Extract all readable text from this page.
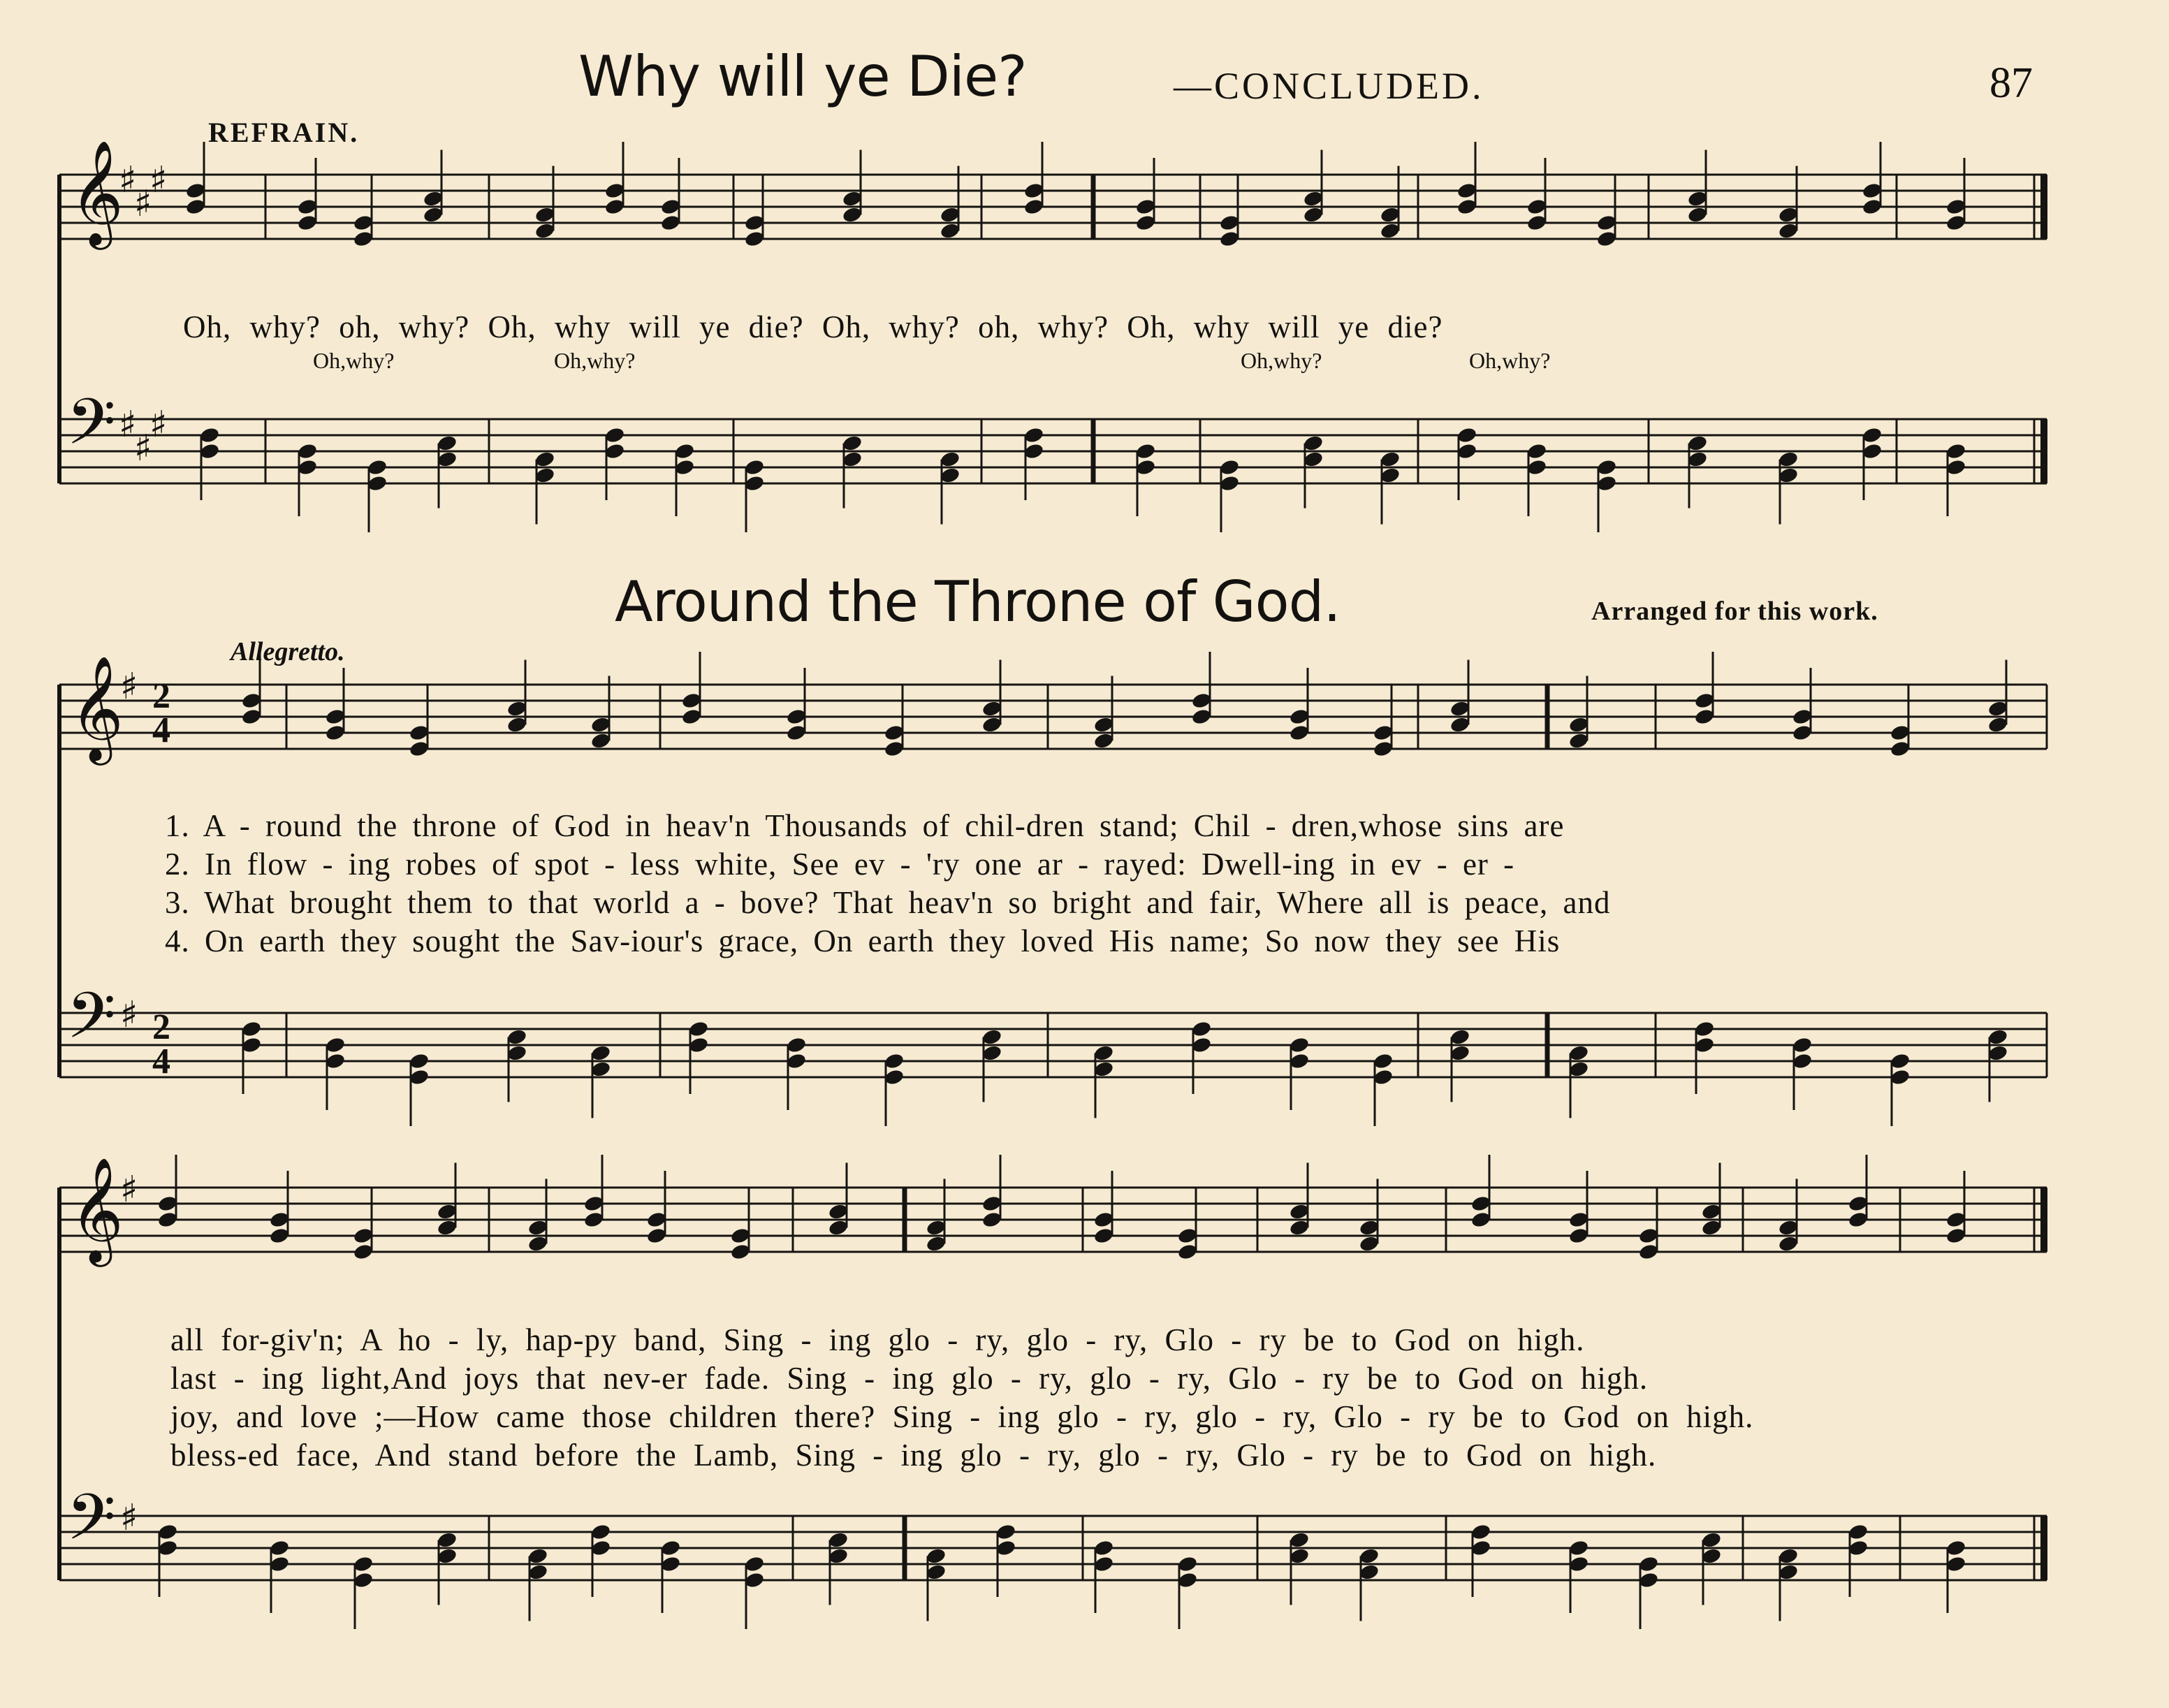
Why will ye Die?	—CONCLUDED.	87
REFRAIN.
♯
♯
♯
♯
♯
♯
♯
♯
♯
♯
𝄞
𝄢
𝄞
𝄢
𝄞
𝄢
2
4
2
4
Oh, why? oh, why? Oh, why will ye die? Oh, why? oh, why? Oh, why will ye die?
Oh,why?	Oh,why?	Oh,why?	Oh,why?
Around the Throne of God.	Arranged for this work.
Allegretto.
1. A - round the throne of God in heav'n Thousands of chil-dren stand; Chil - dren,whose sins are
2. In flow - ing robes of spot - less white, See ev - 'ry one ar - rayed: Dwell-ing in ev - er -
3. What brought them to that world a - bove? That heav'n so bright and fair, Where all is peace, and
4. On earth they sought the Sav-iour's grace, On earth they loved His name; So now they see His
all for-giv'n; A ho - ly, hap-py band, Sing - ing glo - ry, glo - ry, Glo - ry be to God on high.
last - ing light,And joys that nev-er fade. Sing - ing glo - ry, glo - ry, Glo - ry be to God on high.
joy, and love ;—How came those children there? Sing - ing glo - ry, glo - ry, Glo - ry be to God on high.
bless-ed face, And stand before the Lamb, Sing - ing glo - ry, glo - ry, Glo - ry be to God on high.
